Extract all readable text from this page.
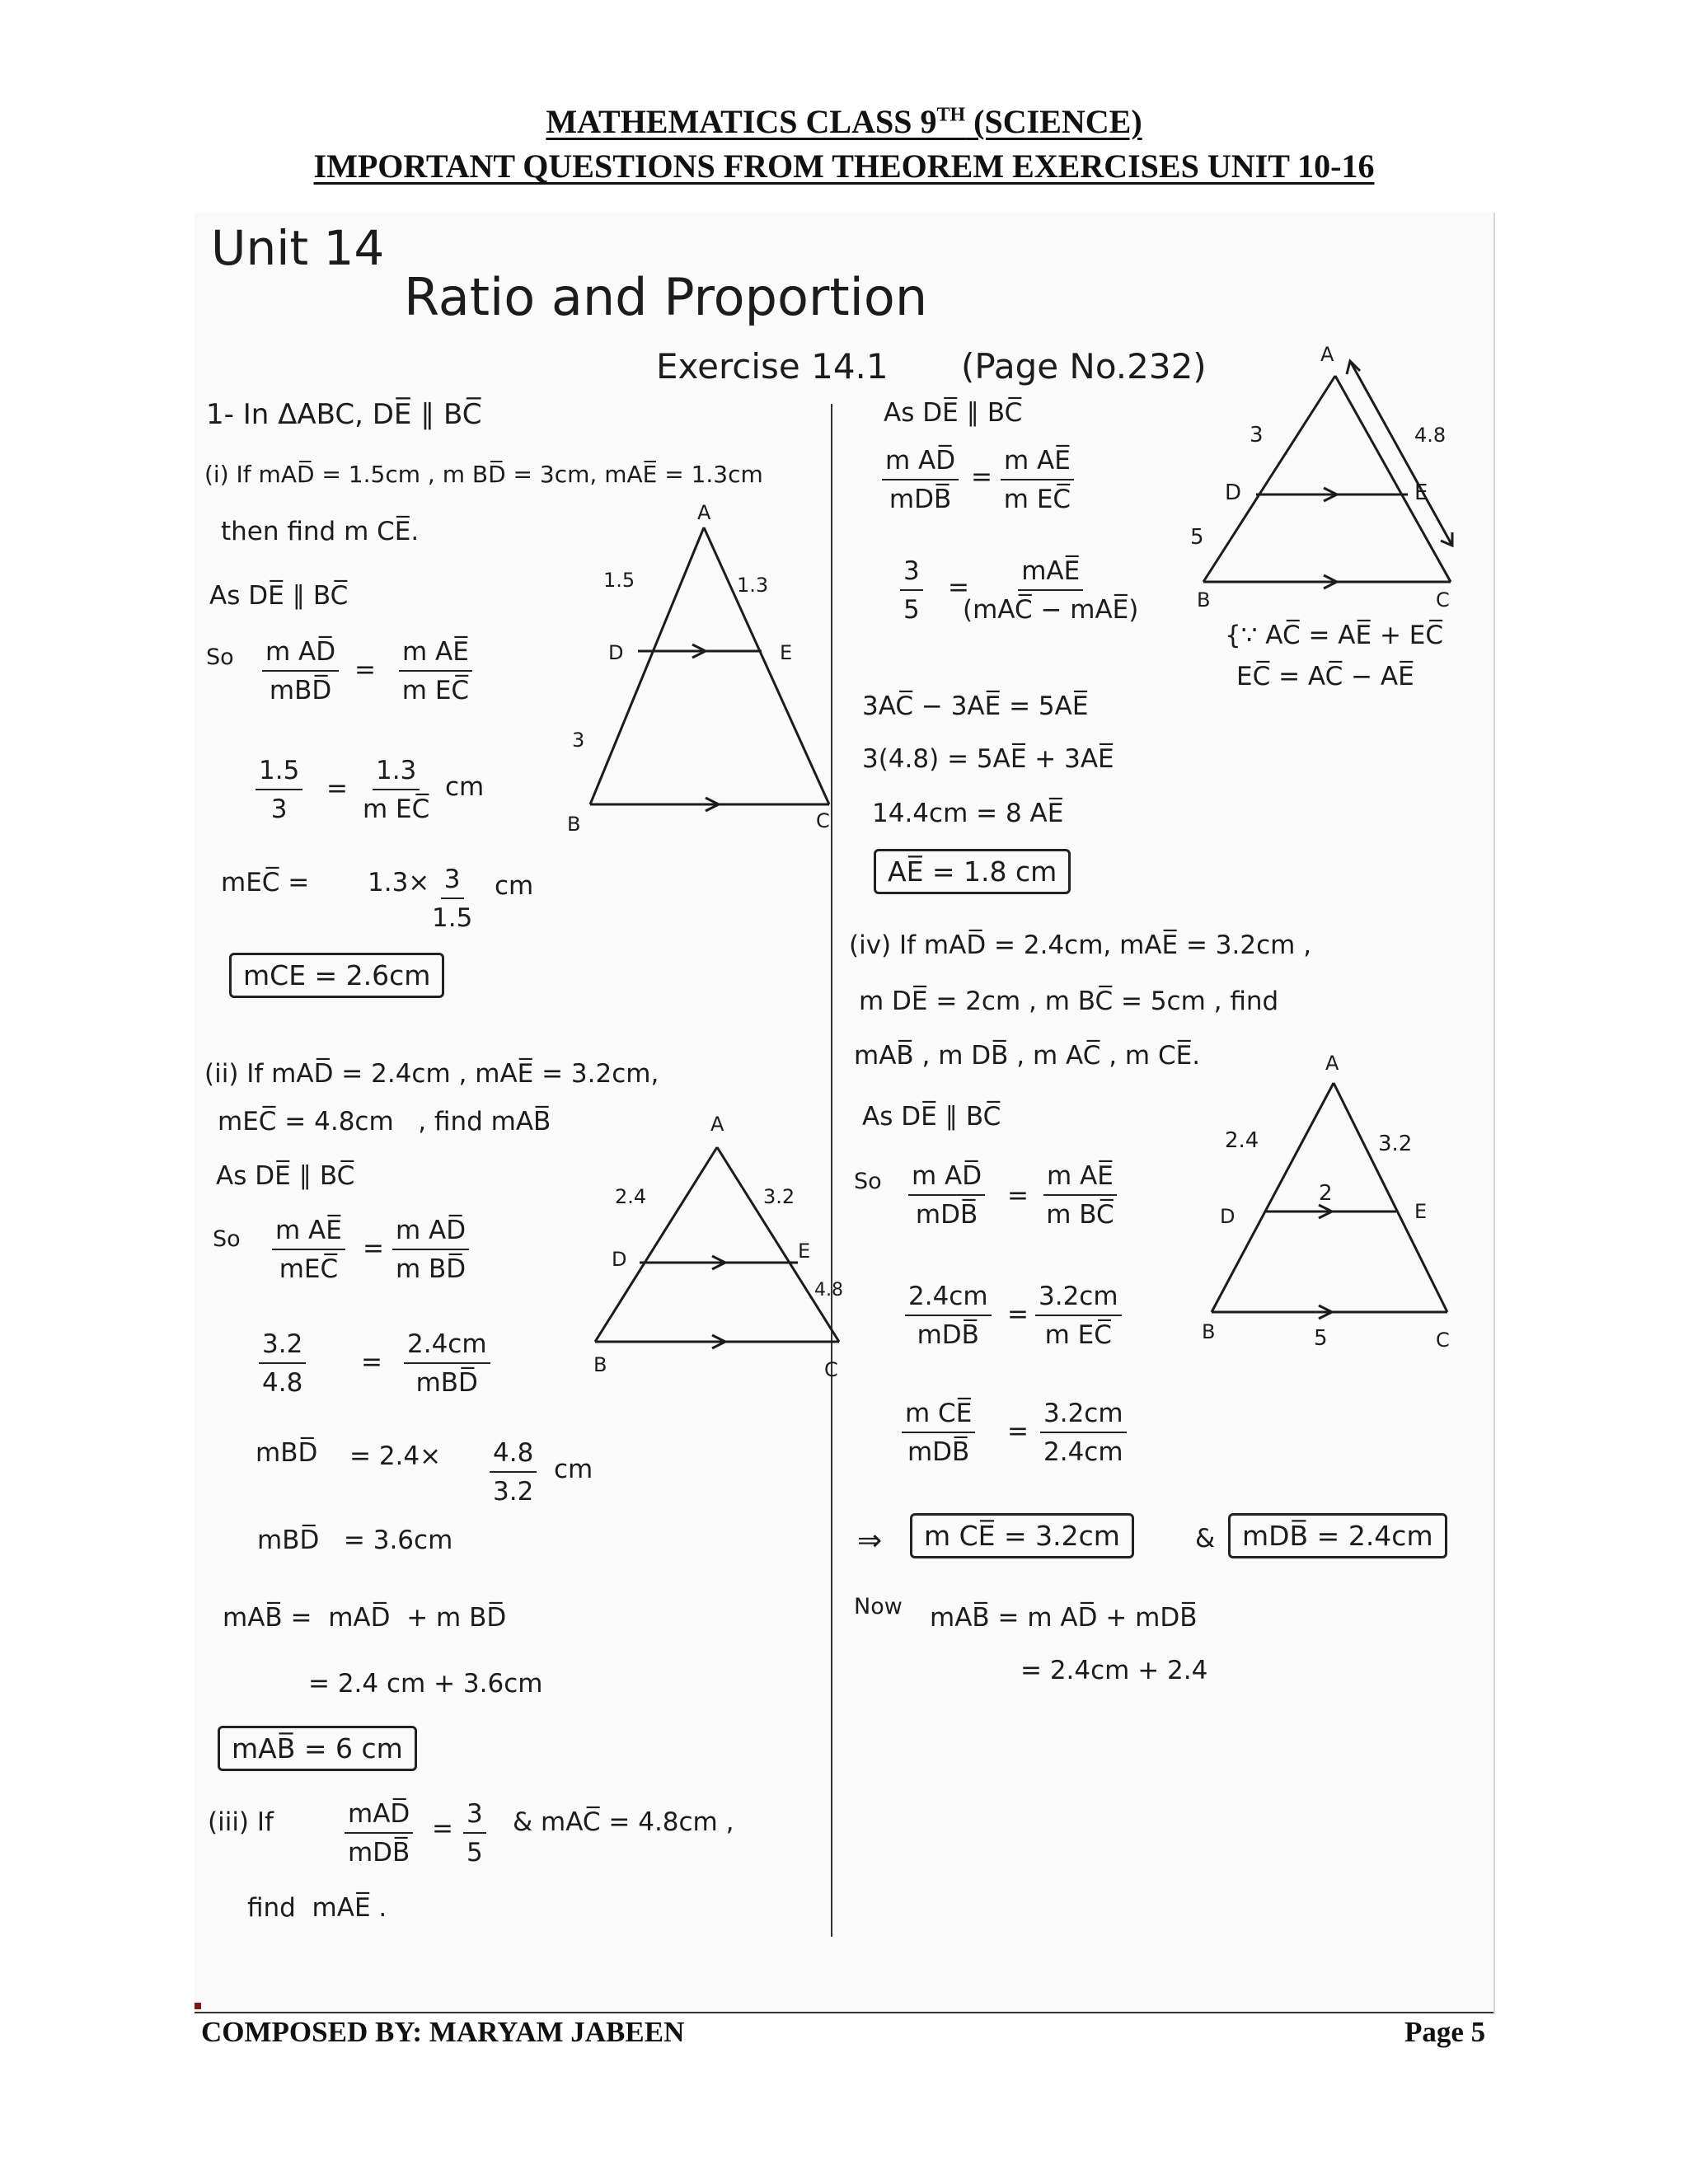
MATHEMATICS CLASS 9TH (SCIENCE)
IMPORTANT QUESTIONS FROM THEOREM EXERCISES UNIT 10-16
Unit 14
Ratio and Proportion
Exercise 14.1 (Page No.232)
1- In ΔABC, DE̅ ∥ BC̅
(i) If mAD̅ = 1.5cm , m BD̅ = 3cm, mAE̅ = 1.3cm
then find m CE̅.
As DE̅ ∥ BC̅
So m AD̅
mBD̅
= $\frac{\text{m AE̅}}{\text{m EC̅}}$
$\frac{1.5}{3} = \frac{1.3}{\text{m EC̅}}$ cm
mEC̅ = $1.3\times \frac{3}{1.5}$ cm
mCE = 2.6cm
(ii) If mAD̅ = 2.4cm , mAE̅ = 3.2cm,
mEC̅ = 4.8cm   , find mAB̅
As DE̅ ∥ BC̅
So m AE̅
mEC̅
= $\frac{\text{m AD̅}}{\text{m BD̅}}$
$\frac{3.2}{4.8}$ =
2.4cm
mBD̅
mBD̅ = $2.4\times \frac{4.8}{3.2}$ cm
mBD̅   = 3.6cm
mAB̅ =  mAD̅  + m BD̅
= 2.4 cm + 3.6cm
mAB̅ = 6 cm
(iii) If	mAD̅
mDB̅
= $\frac{3}{5}$ & mAC̅ = 4.8cm ,
find  mAE̅ .
As DE̅ ∥ BC̅
m AD̅
mDB̅
= $\frac{\text{m AE̅}}{\text{m EC̅}}$
$\frac{3}{5}$ =
mAE̅
(mAC̅ − mAE̅)
{∵ AC̅ = AE̅ + EC̅
EC̅ = AC̅ − AE̅
3AC̅ − 3AE̅ = 5AE̅
3(4.8) = 5AE̅ + 3AE̅
14.4cm = 8 AE̅
AE̅ = 1.8 cm
(iv) If mAD̅ = 2.4cm, mAE̅ = 3.2cm ,
m DE̅ = 2cm , m BC̅ = 5cm , find
mAB̅ , m DB̅ , m AC̅ , m CE̅.
As DE̅ ∥ BC̅
So m AD̅
mDB̅
= $\frac{\text{m AE̅}}{\text{m BC̅}}$
2.4cm
mDB̅
= $\frac{3.2cm}{\text{m EC̅}}$
m CE̅
mDB̅
= $\frac{3.2cm}{2.4cm}$
⇒	m CE̅ = 3.2cm	& mDB̅ = 2.4cm
Now mAB̅ = m AD̅ + mDB̅
= 2.4cm + 2.4
A
D	E
B	C
1.5	1.3
3
A
D	E
B	C
2.4	3.2
4.8
A
D	E
B	C
3	4.8
5
A
D	E
B	C
2.4	3.2
2
5
COMPOSED BY: MARYAM JABEEN	Page 5
